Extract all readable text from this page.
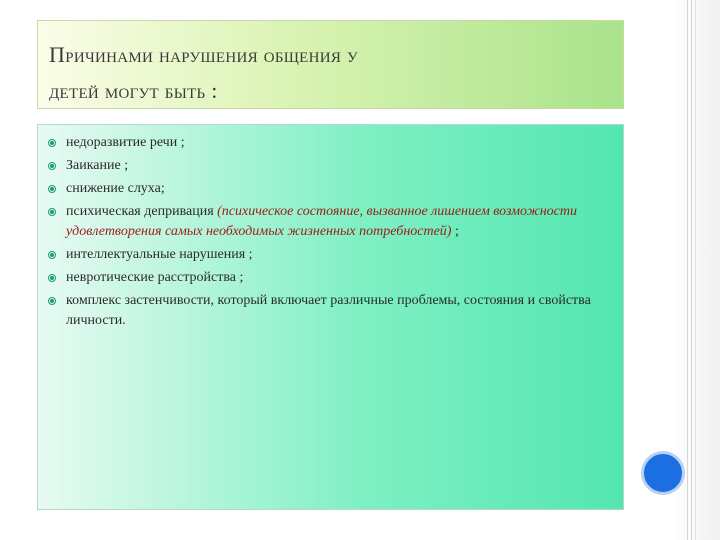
Причинами нарушения общения у
детей могут быть :
недоразвитие речи ;
Заикание ;
снижение слуха;
психическая депривация (психическое состояние, вызванное лишением возможности удовлетворения самых необходимых жизненных потребностей) ;
интеллектуальные нарушения ;
невротические расстройства ;
комплекс застенчивости, который включает различные проблемы, состояния и свойства личности.
